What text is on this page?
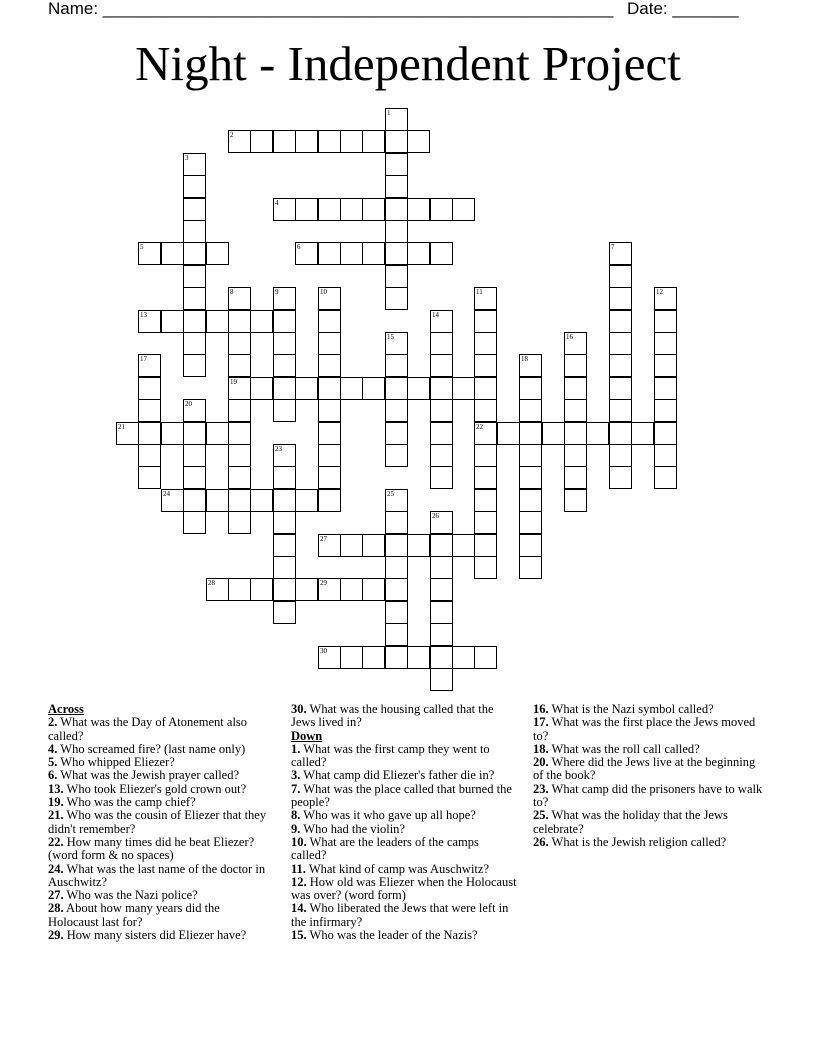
Name: ______________________________________________________ Date: _______
Night - Independent Project
1
2
3
4
5	6	7
8
19
9	10	11
22
12
13	14
15	16
17	18
20
21
23
24	25
26
27
28	29
30
Across
2. What was the Day of Atonement also called?
4. Who screamed fire? (last name only)
5. Who whipped Eliezer?
6. What was the Jewish prayer called?
13. Who took Eliezer's gold crown out?
19. Who was the camp chief?
21. Who was the cousin of Eliezer that they didn't remember?
22. How many times did he beat Eliezer? (word form & no spaces)
24. What was the last name of the doctor in Auschwitz?
27. Who was the Nazi police?
28. About how many years did the Holocaust last for?
29. How many sisters did Eliezer have?
30. What was the housing called that the Jews lived in?
Down
1. What was the first camp they went to called?
3. What camp did Eliezer's father die in?
7. What was the place called that burned the people?
8. Who was it who gave up all hope?
9. Who had the violin?
10. What are the leaders of the camps called?
11. What kind of camp was Auschwitz?
12. How old was Eliezer when the Holocaust was over? (word form)
14. Who liberated the Jews that were left in the infirmary?
15. Who was the leader of the Nazis?
16. What is the Nazi symbol called?
17. What was the first place the Jews moved to?
18. What was the roll call called?
20. Where did the Jews live at the beginning of the book?
23. What camp did the prisoners have to walk to?
25. What was the holiday that the Jews celebrate?
26. What is the Jewish religion called?
